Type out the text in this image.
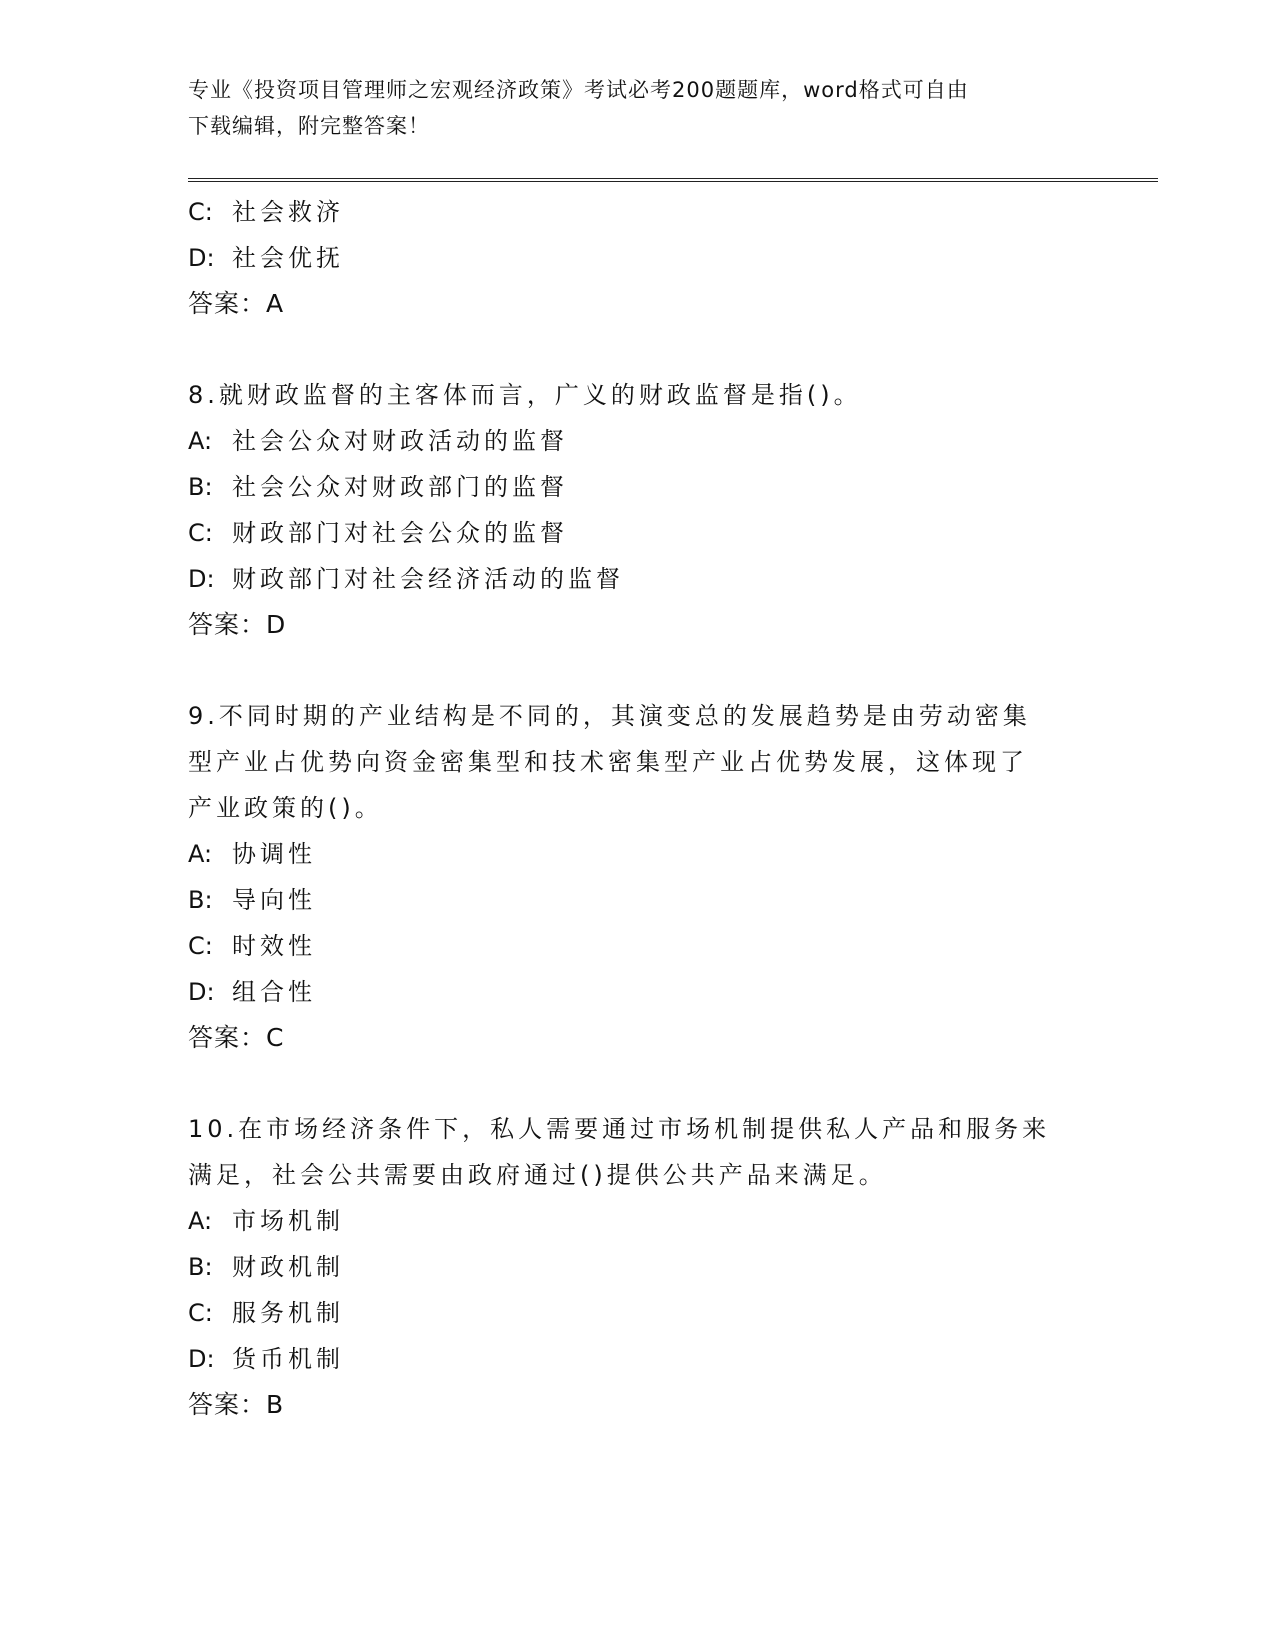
专业《投资项目管理师之宏观经济政策》考试必考200题题库，word格式可自由
下载编辑，附完整答案！
C: 社会救济
D: 社会优抚
答案：A
8.就财政监督的主客体而言，广义的财政监督是指()。
A: 社会公众对财政活动的监督
B: 社会公众对财政部门的监督
C: 财政部门对社会公众的监督
D: 财政部门对社会经济活动的监督
答案：D
9.不同时期的产业结构是不同的，其演变总的发展趋势是由劳动密集
型产业占优势向资金密集型和技术密集型产业占优势发展，这体现了
产业政策的()。
A: 协调性
B: 导向性
C: 时效性
D: 组合性
答案：C
10.在市场经济条件下，私人需要通过市场机制提供私人产品和服务来
满足，社会公共需要由政府通过()提供公共产品来满足。
A: 市场机制
B: 财政机制
C: 服务机制
D: 货币机制
答案：B
